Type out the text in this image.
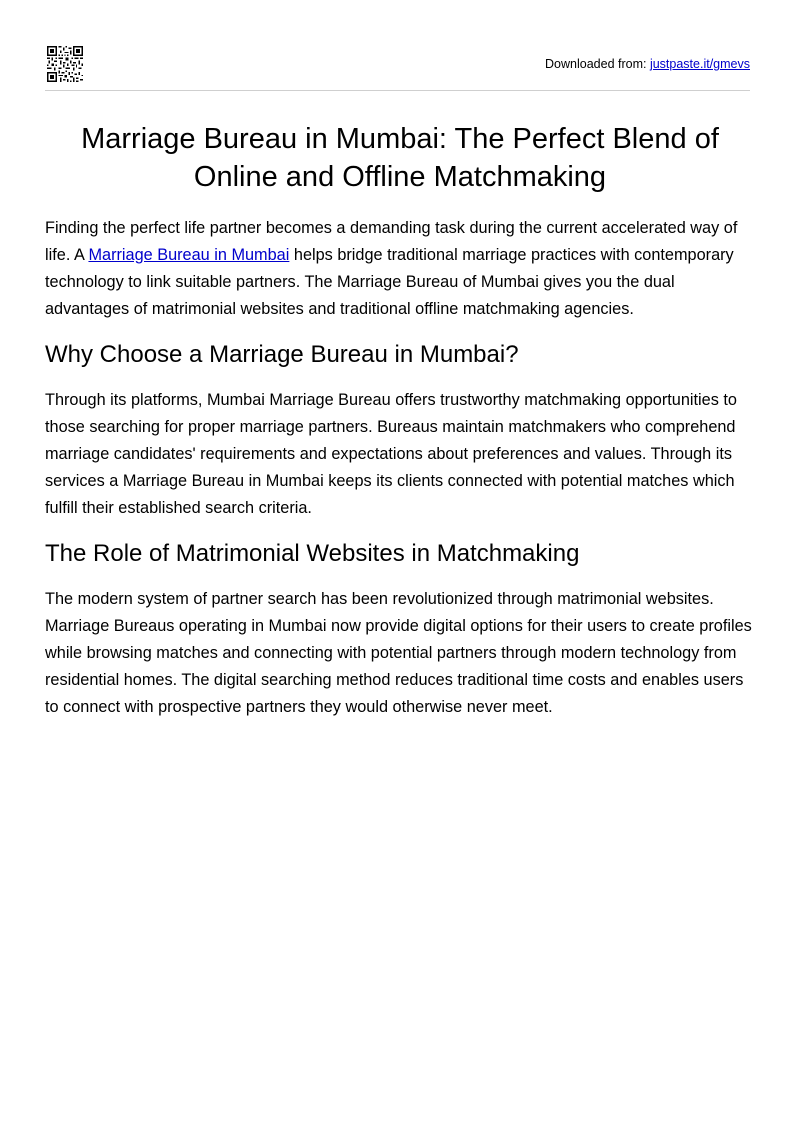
Downloaded from: justpaste.it/gmevs
Marriage Bureau in Mumbai: The Perfect Blend of Online and Offline Matchmaking

Finding the perfect life partner becomes a demanding task during the current accelerated way of life. A Marriage Bureau in Mumbai helps bridge traditional marriage practices with contemporary technology to link suitable partners. The Marriage Bureau of Mumbai gives you the dual advantages of matrimonial websites and traditional offline matchmaking agencies.

Why Choose a Marriage Bureau in Mumbai?

Through its platforms, Mumbai Marriage Bureau offers trustworthy matchmaking opportunities to those searching for proper marriage partners. Bureaus maintain matchmakers who comprehend marriage candidates' requirements and expectations about preferences and values. Through its services a Marriage Bureau in Mumbai keeps its clients connected with potential matches which fulfill their established search criteria.

The Role of Matrimonial Websites in Matchmaking

The modern system of partner search has been revolutionized through matrimonial websites. Marriage Bureaus operating in Mumbai now provide digital options for their users to create profiles while browsing matches and connecting with potential partners through modern technology from residential homes. The digital searching method reduces traditional time costs and enables users to connect with prospective partners they would otherwise never meet.
